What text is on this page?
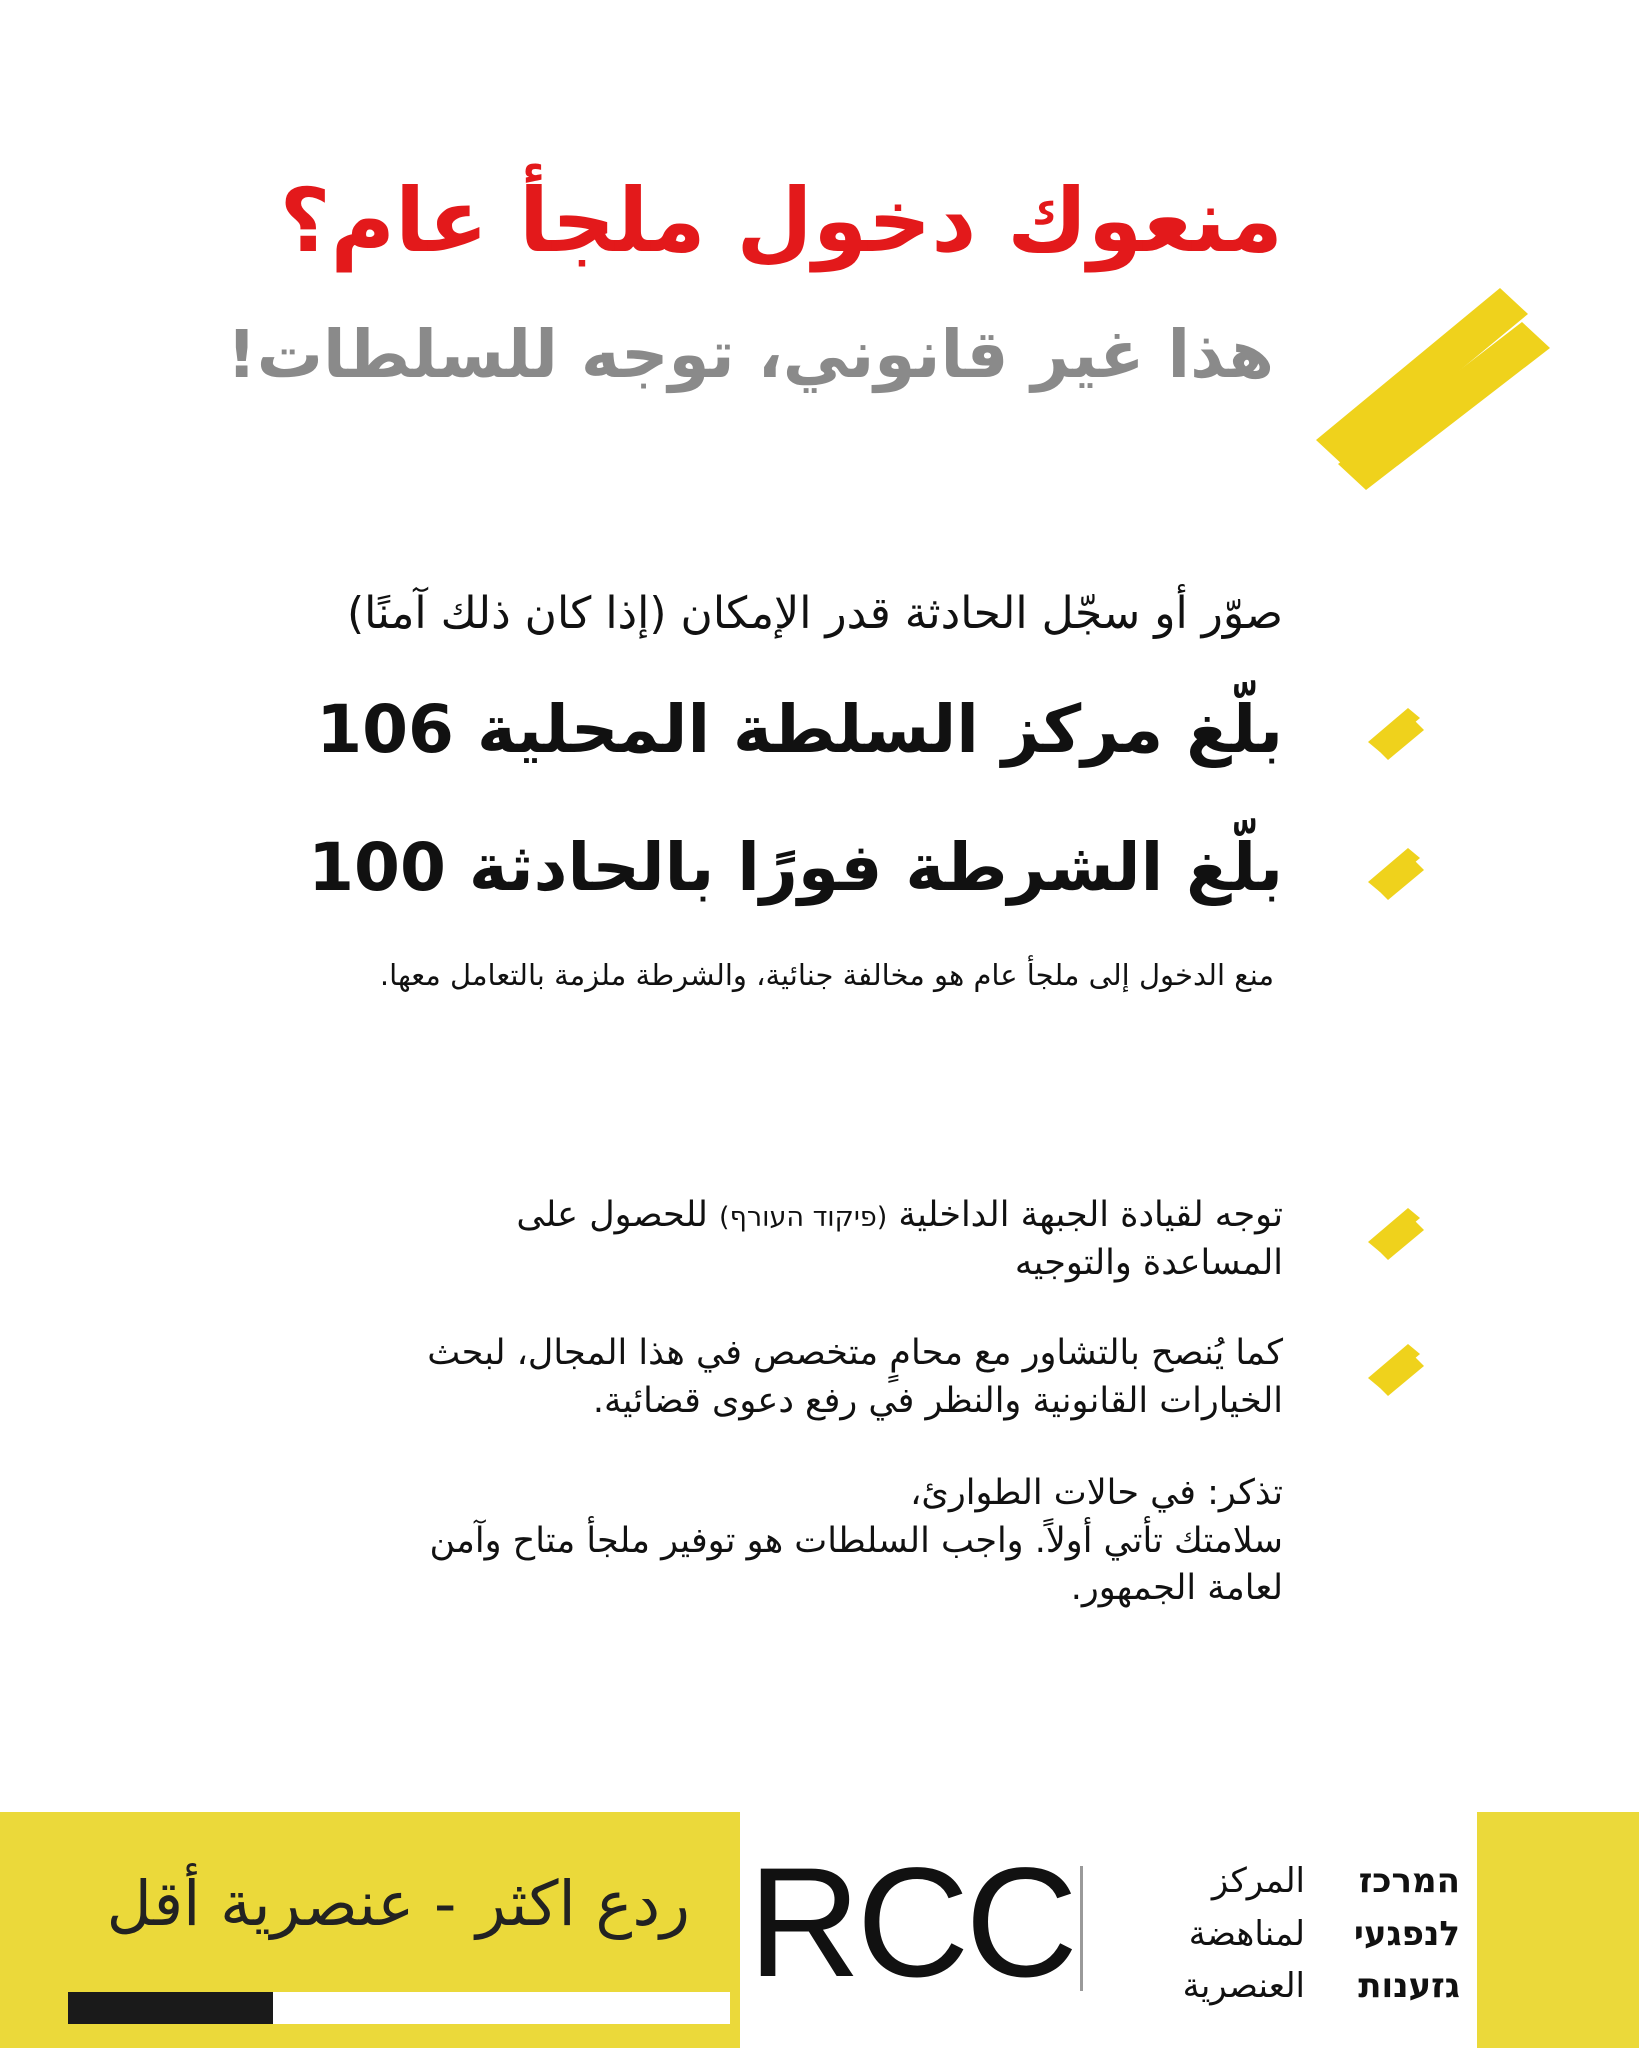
منعوك دخول ملجأ عام؟
هذا غير قانوني، توجه للسلطات!
صوّر أو سجّل الحادثة قدر الإمكان (إذا كان ذلك آمنًا)
بلّغ مركز السلطة المحلية 106
بلّغ الشرطة فورًا بالحادثة 100
منع الدخول إلى ملجأ عام هو مخالفة جنائية، والشرطة ملزمة بالتعامل معها.
توجه لقيادة الجبهة الداخلية (פיקוד העורף) للحصول على
المساعدة والتوجيه
كما يُنصح بالتشاور مع محامٍ متخصص في هذا المجال، لبحث
الخيارات القانونية والنظر في رفع دعوى قضائية.
تذكر: في حالات الطوارئ،
سلامتك تأتي أولاً. واجب السلطات هو توفير ملجأ متاح وآمن
لعامة الجمهور.
ردع اكثر - عنصرية أقل RCC	المركز
لمناهضة
العنصرية
המרכז
לנפגעי
גזענות
